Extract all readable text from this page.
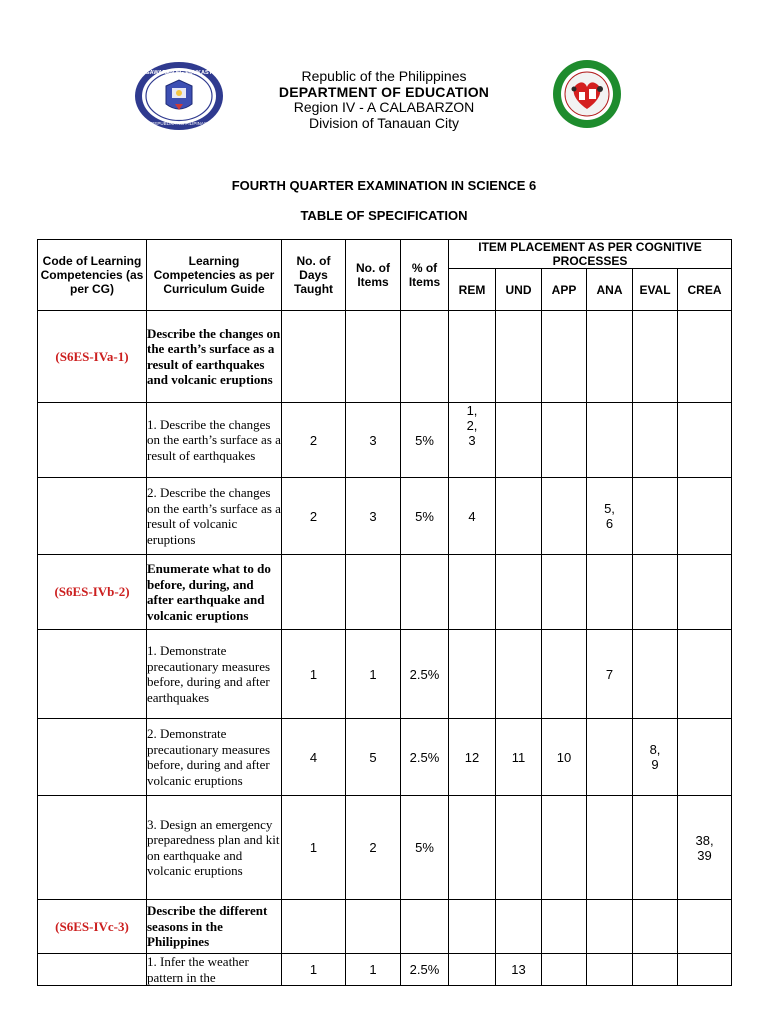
KAGAWARAN NG EDUKASYON
REPUBLIKA NG PILIPINAS
Republic of the Philippines
DEPARTMENT OF EDUCATION
Region IV - A CALABARZON
Division of Tanauan City
FOURTH QUARTER EXAMINATION IN SCIENCE 6
TABLE OF SPECIFICATION
Code of Learning Competencies (as per CG)	Learning Competencies as per Curriculum Guide	No. of Days Taught	No. of Items	% of Items	ITEM PLACEMENT AS PER COGNITIVE PROCESSES					
					REM	UND	APP	ANA	EVAL	CREA
(S6ES-IVa-1)	Describe the changes on the earth’s surface as a result of earthquakes and volcanic eruptions									
	1. Describe the changes on the earth’s surface as a result of earthquakes	2	3	5%	1,
2,
3					
	2. Describe the changes on the earth’s surface as a result of volcanic eruptions	2	3	5%	4			5,
6		
(S6ES-IVb-2)	Enumerate what to do before, during, and after earthquake and volcanic eruptions									
	1. Demonstrate precautionary measures before, during and after earthquakes	1	1	2.5%				7		
	2. Demonstrate precautionary measures before, during and after volcanic eruptions	4	5	2.5%	12	11	10		8,
9	
	3. Design an emergency preparedness plan and kit on earthquake and volcanic eruptions	1	2	5%						38,
39
(S6ES-IVc-3)	Describe the different seasons in the Philippines									
	1. Infer the weather pattern in the	1	1	2.5%		13				
